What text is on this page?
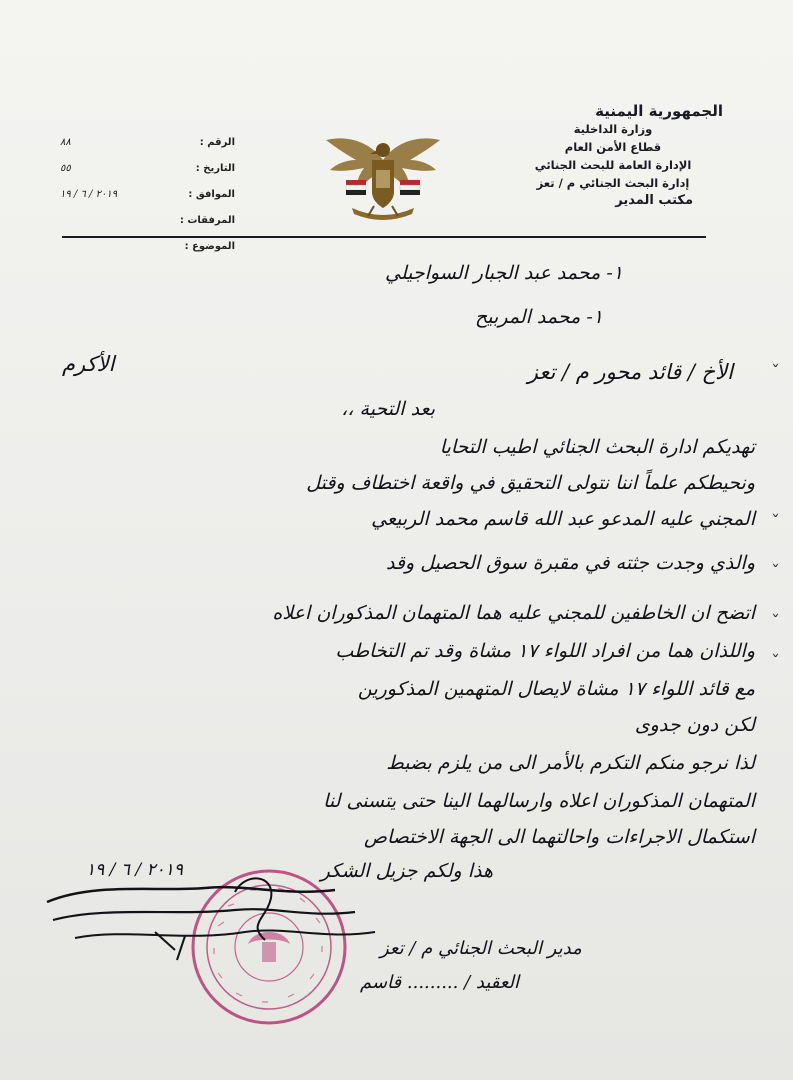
الجمهورية اليمنية
وزارة الداخلية
قطاع الأمن العام
الإدارة العامة للبحث الجنائي
إدارة البحث الجنائي م / تعز
مكتب المدير
الرقم :
٨٨
التاريخ :
٥٥
الموافق :
٢٠١٩ / ٦ / ١٩
المرفقات :
الموضوع :
١- محمد عبد الجبار السواجيلي
١- محمد المربيح
الأخ / قائد محور م / تعز
الأكرم
بعد التحية ،،
تهديكم ادارة البحث الجنائي اطيب التحايا
ونحيطكم علماً اننا نتولى التحقيق في واقعة اختطاف وقتل
المجني عليه المدعو عبد الله قاسم محمد الربيعي
والذي وجدت جثته في مقبرة سوق الحصيل وقد
اتضح ان الخاطفين للمجني عليه هما المتهمان المذكوران اعلاه
واللذان هما من افراد اللواء ١٧ مشاة وقد تم التخاطب
مع قائد اللواء ١٧ مشاة لايصال المتهمين المذكورين
لكن دون جدوى
لذا نرجو منكم التكرم بالأمر الى من يلزم بضبط
المتهمان المذكوران اعلاه وارسالهما الينا حتى يتسنى لنا
استكمال الاجراءات واحالتهما الى الجهة الاختصاص
هذا ولكم جزيل الشكر
ˇ
ˇ
ˇ
ˇ
ˇ
٢٠١٩ / ٦ / ١٩
مدير البحث الجنائي م / تعز
العقيد / ......... قاسم
